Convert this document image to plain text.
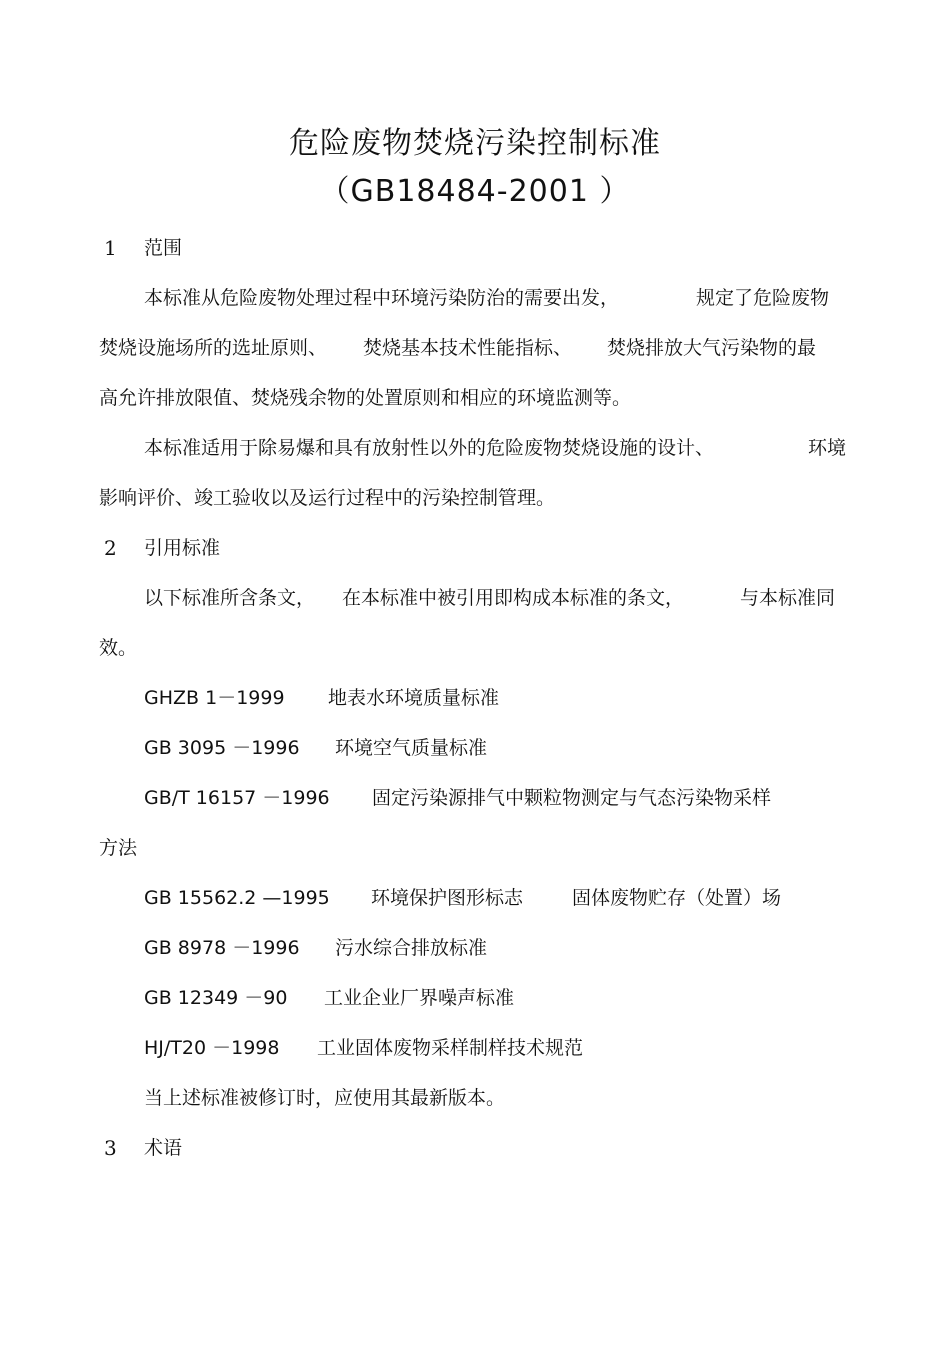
危险废物焚烧污染控制标准
（GB18484-2001 ）
1 范围
本标准从危险废物处理过程中环境污染防治的需要出发，	规定了危险废物
焚烧设施场所的选址原则、 焚烧基本技术性能指标、 焚烧排放大气污染物的最
高允许排放限值、焚烧残余物的处置原则和相应的环境监测等。
本标准适用于除易爆和具有放射性以外的危险废物焚烧设施的设计、	环境
影响评价、竣工验收以及运行过程中的污染控制管理。
2 引用标准
以下标准所含条文， 在本标准中被引用即构成本标准的条文，	与本标准同
效。
GHZB 1－1999 地表水环境质量标准
GB 3095 －1996 环境空气质量标准
GB/T 16157 －1996 固定污染源排气中颗粒物测定与气态污染物采样
方法
GB 15562.2 —1995 环境保护图形标志	固体废物贮存（处置）场
GB 8978 －1996 污水综合排放标准
GB 12349 －90 工业企业厂界噪声标准
HJ/T20 －1998 工业固体废物采样制样技术规范
当上述标准被修订时，应使用其最新版本。
3 术语
